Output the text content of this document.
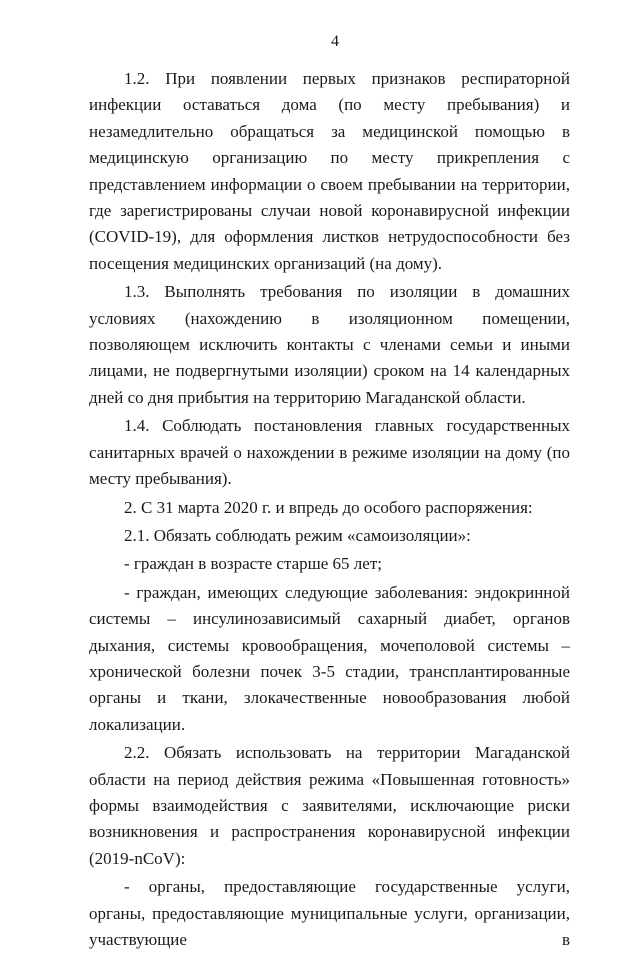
4

1.2. При появлении первых признаков респираторной инфекции оставаться дома (по месту пребывания) и незамедлительно обращаться за медицинской помощью в медицинскую организацию по месту прикрепления с представлением информации о своем пребывании на территории, где зарегистрированы случаи новой коронавирусной инфекции (COVID-19), для оформления листков нетрудоспособности без посещения медицинских организаций (на дому).

1.3. Выполнять требования по изоляции в домашних условиях (нахождению в изоляционном помещении, позволяющем исключить контакты с членами семьи и иными лицами, не подвергнутыми изоляции) сроком на 14 календарных дней со дня прибытия на территорию Магаданской области.

1.4. Соблюдать постановления главных государственных санитарных врачей о нахождении в режиме изоляции на дому (по месту пребывания).

2. С 31 марта 2020 г. и впредь до особого распоряжения:

2.1. Обязать соблюдать режим «самоизоляции»:

- граждан в возрасте старше 65 лет;

- граждан, имеющих следующие заболевания: эндокринной системы – инсулинозависимый сахарный диабет, органов дыхания, системы кровообращения, мочеполовой системы – хронической болезни почек 3-5 стадии, трансплантированные органы и ткани, злокачественные новообразования любой локализации.

2.2. Обязать использовать на территории Магаданской области на период действия режима «Повышенная готовность» формы взаимодействия с заявителями, исключающие риски возникновения и распространения коронавирусной инфекции (2019-nCoV):

- органы, предоставляющие государственные услуги, органы, предоставляющие муниципальные услуги, организации, участвующие в
